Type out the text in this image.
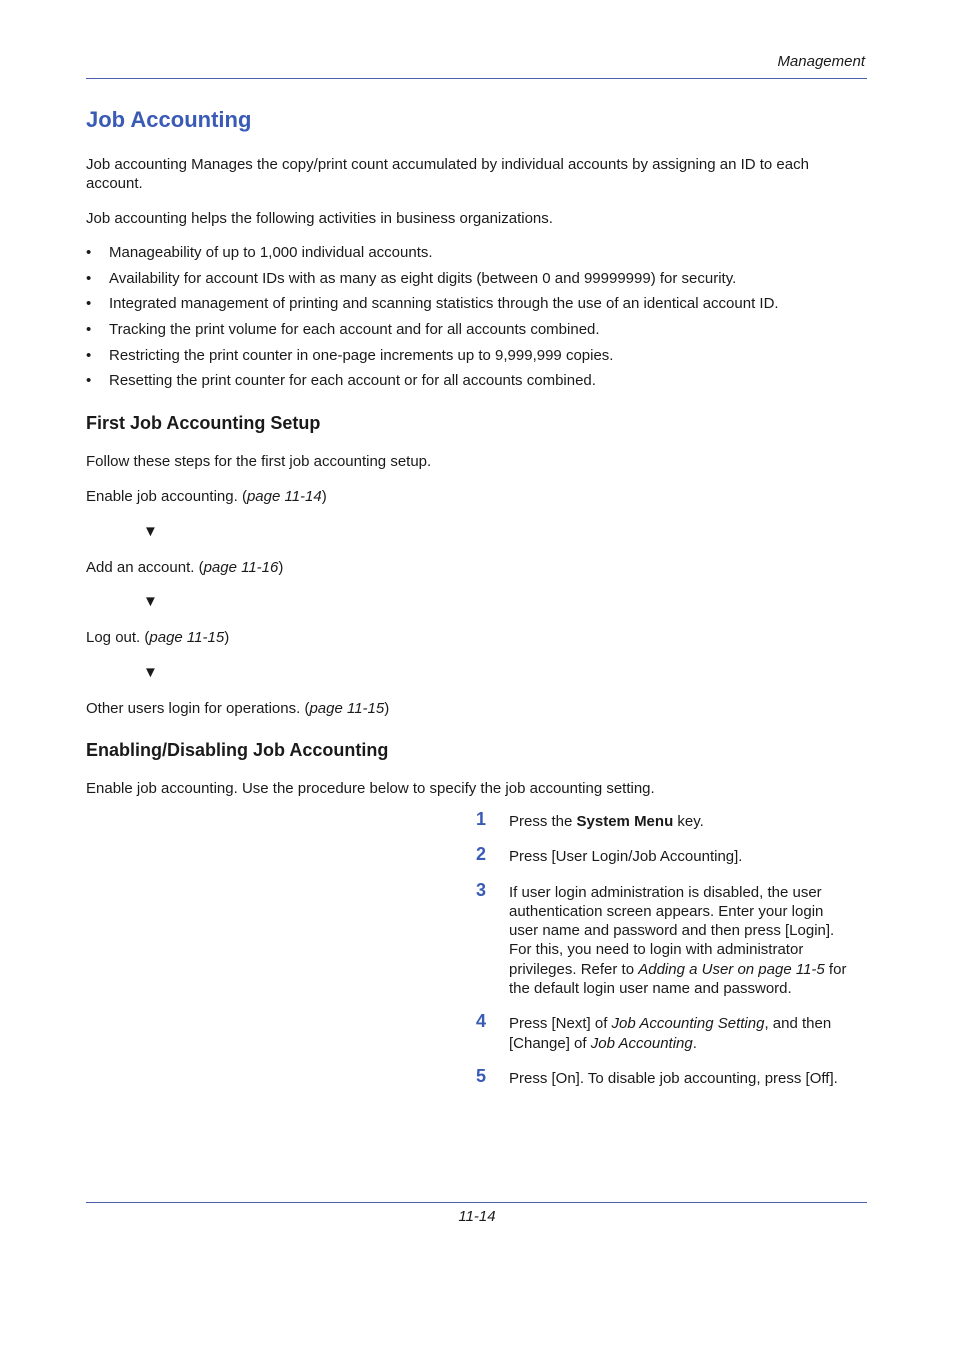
Management
Job Accounting

Job accounting Manages the copy/print count accumulated by individual accounts by assigning an ID to each
account.

Job accounting helps the following activities in business organizations.

• Manageability of up to 1,000 individual accounts.
• Availability for account IDs with as many as eight digits (between 0 and 99999999) for security.
• Integrated management of printing and scanning statistics through the use of an identical account ID.
• Tracking the print volume for each account and for all accounts combined.
• Restricting the print counter in one-page increments up to 9,999,999 copies.
• Resetting the print counter for each account or for all accounts combined.
First Job Accounting Setup

Follow these steps for the first job accounting setup.

Enable job accounting. (page 11-14)

▼

Add an account. (page 11-16)

▼

Log out. (page 11-15)

▼

Other users login for operations. (page 11-15)

Enabling/Disabling Job Accounting

Enable job accounting. Use the procedure below to specify the job accounting setting.

1 Press the System Menu key.
2 Press [User Login/Job Accounting].
3 If user login administration is disabled, the user
authentication screen appears. Enter your login
user name and password and then press [Login].
For this, you need to login with administrator
privileges. Refer to Adding a User on page 11-5 for
the default login user name and password.
4 Press [Next] of Job Accounting Setting, and then
[Change] of Job Accounting.
5 Press [On]. To disable job accounting, press [Off].
11-14
